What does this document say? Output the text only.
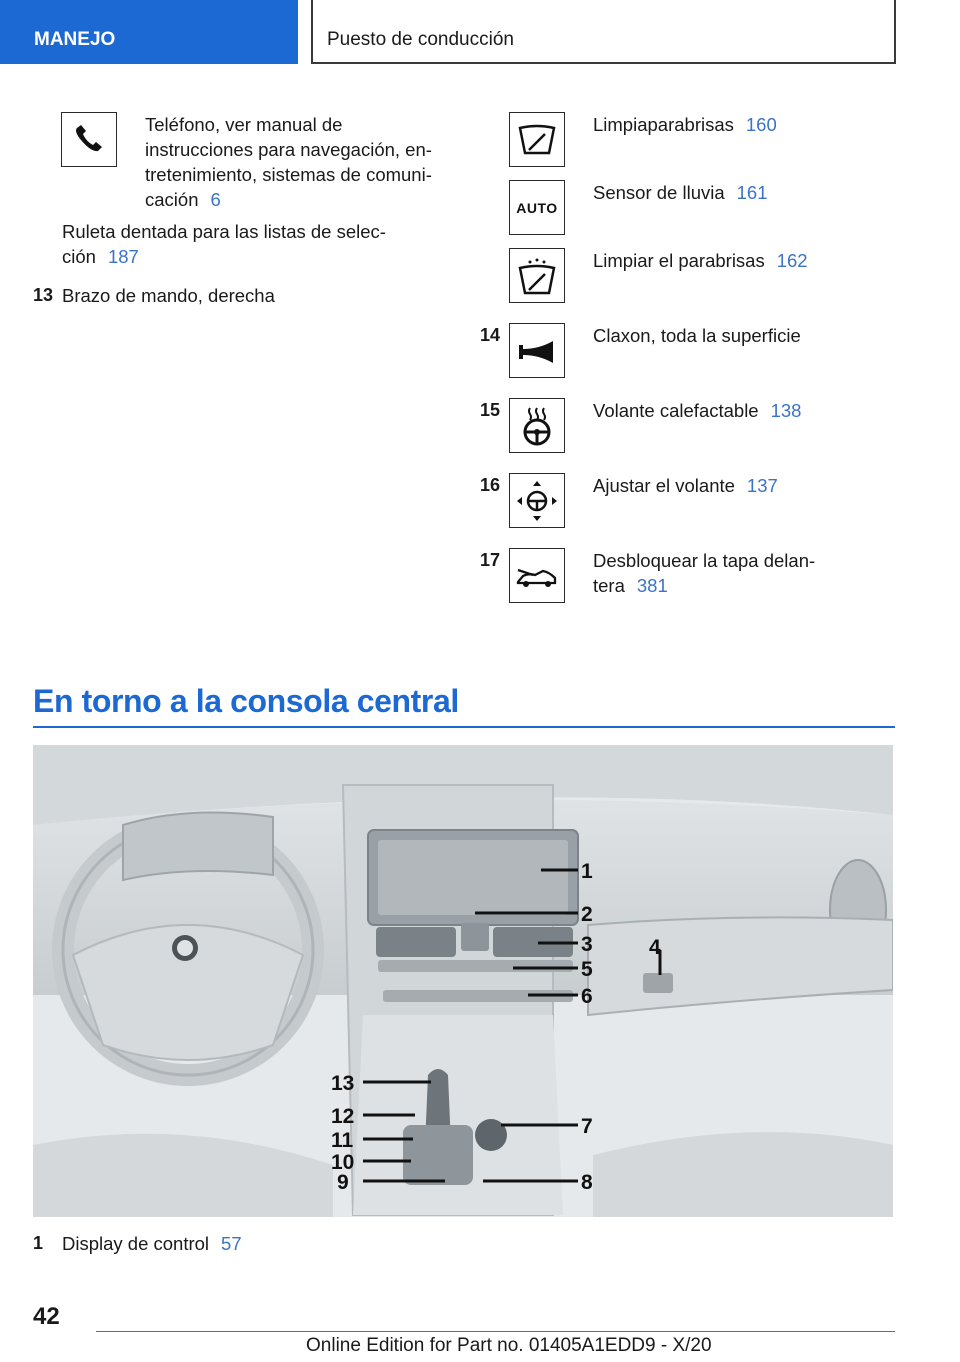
MANEJO	Puesto de conducción
Teléfono, ver manual de
instrucciones para navegación, en-
tretenimiento, sistemas de comuni-
cación 6
Ruleta dentada para las listas de selec-
ción 187
13 Brazo de mando, derecha
Limpiaparabrisas 160
AUTO
Sensor de lluvia 161
Limpiar el parabrisas 162
14	Claxon, toda la superficie
15	Volante calefactable 138
16	Ajustar el volante 137
17	Desbloquear la tapa delan-
tera 381
En torno a la consola central
1
2
3	4
5
6
7
8
9
10
11
12
13
1 Display de control 57
42
Online Edition for Part no. 01405A1EDD9 - X/20
